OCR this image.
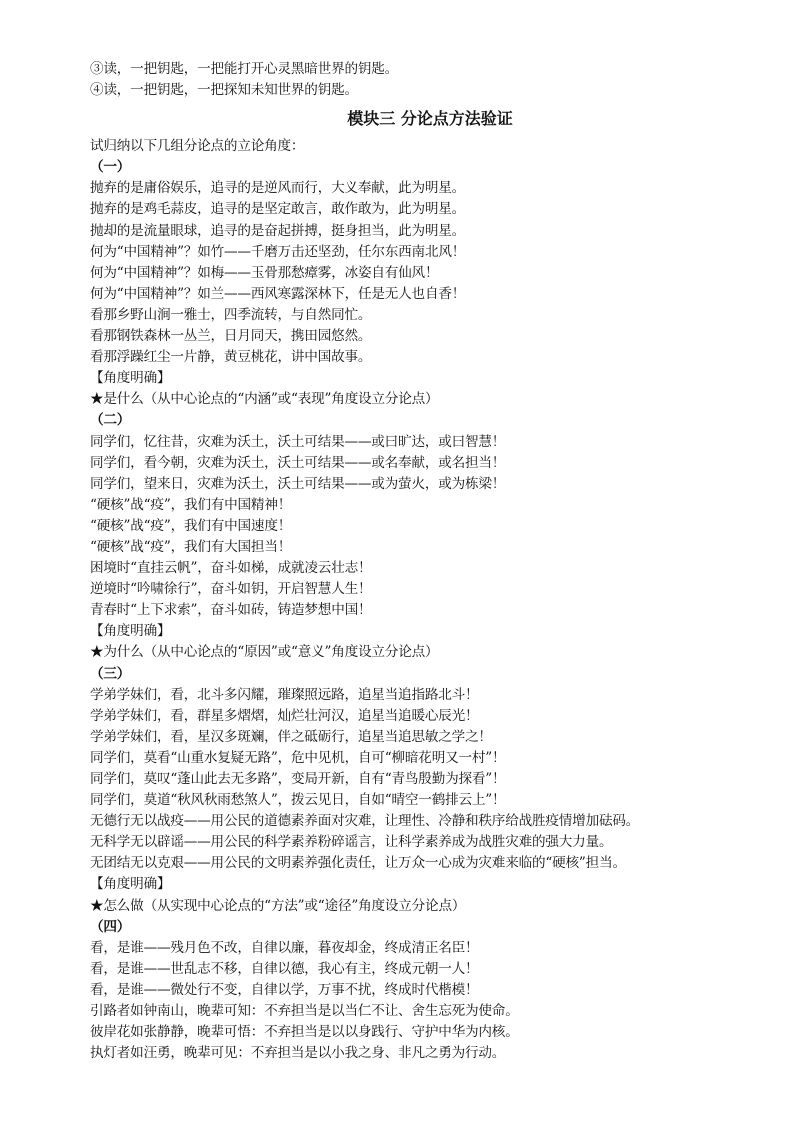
③读，一把钥匙，一把能打开心灵黑暗世界的钥匙。
④读，一把钥匙，一把探知未知世界的钥匙。
模块三 分论点方法验证
试归纳以下几组分论点的立论角度：
（一）
抛弃的是庸俗娱乐，追寻的是逆风而行，大义奉献，此为明星。
抛弃的是鸡毛蒜皮，追寻的是坚定敢言，敢作敢为，此为明星。
抛却的是流量眼球，追寻的是奋起拼搏，挺身担当，此为明星。
何为“中国精神”？如竹——千磨万击还坚劲，任尔东西南北风！
何为“中国精神”？如梅——玉骨那愁瘴雾，冰姿自有仙风！
何为“中国精神”？如兰——西风寒露深林下，任是无人也自香！
看那乡野山涧一雅士，四季流转，与自然同忙。
看那钢铁森林一丛兰，日月同天，携田园悠然。
看那浮躁红尘一片静，黄豆桃花，讲中国故事。
【角度明确】
★是什么（从中心论点的“内涵”或“表现”角度设立分论点）
（二）
同学们，忆往昔，灾难为沃土，沃土可结果——或曰旷达，或曰智慧！
同学们，看今朝，灾难为沃土，沃土可结果——或名奉献，或名担当！
同学们，望来日，灾难为沃土，沃土可结果——或为萤火，或为栋梁！
“硬核”战“疫”，我们有中国精神！
“硬核”战“疫”，我们有中国速度！
“硬核”战“疫”，我们有大国担当！
困境时“直挂云帆”，奋斗如梯，成就凌云壮志！
逆境时“吟啸徐行”，奋斗如钥，开启智慧人生！
青春时“上下求索”，奋斗如砖，铸造梦想中国！
【角度明确】
★为什么（从中心论点的“原因”或“意义”角度设立分论点）
（三）
学弟学妹们，看，北斗多闪耀，璀璨照远路，追星当追指路北斗！
学弟学妹们，看，群星多熠熠，灿烂壮河汉，追星当追暖心辰光！
学弟学妹们，看，星汉多斑斓，伴之砥砺行，追星当追思敏之学之！
同学们，莫看“山重水复疑无路”，危中见机，自可“柳暗花明又一村”！
同学们，莫叹“蓬山此去无多路”，变局开新，自有“青鸟殷勤为探看”！
同学们，莫道“秋风秋雨愁煞人”，拨云见日，自如“晴空一鹤排云上”！
无德行无以战疫——用公民的道德素养面对灾难，让理性、冷静和秩序给战胜疫情增加砝码。
无科学无以辟谣——用公民的科学素养粉碎谣言，让科学素养成为战胜灾难的强大力量。
无团结无以克艰——用公民的文明素养强化责任，让万众一心成为灾难来临的“硬核”担当。
【角度明确】
★怎么做（从实现中心论点的“方法”或“途径”角度设立分论点）
（四）
看，是谁——残月色不改，自律以廉，暮夜却金，终成清正名臣！
看，是谁——世乱志不移，自律以德，我心有主，终成元朝一人！
看，是谁——微处行不变，自律以学，万事不扰，终成时代楷模！
引路者如钟南山，晚辈可知：不弃担当是以当仁不让、舍生忘死为使命。
彼岸花如张静静，晚辈可悟：不弃担当是以以身践行、守护中华为内核。
执灯者如汪勇，晚辈可见：不弃担当是以小我之身、非凡之勇为行动。
